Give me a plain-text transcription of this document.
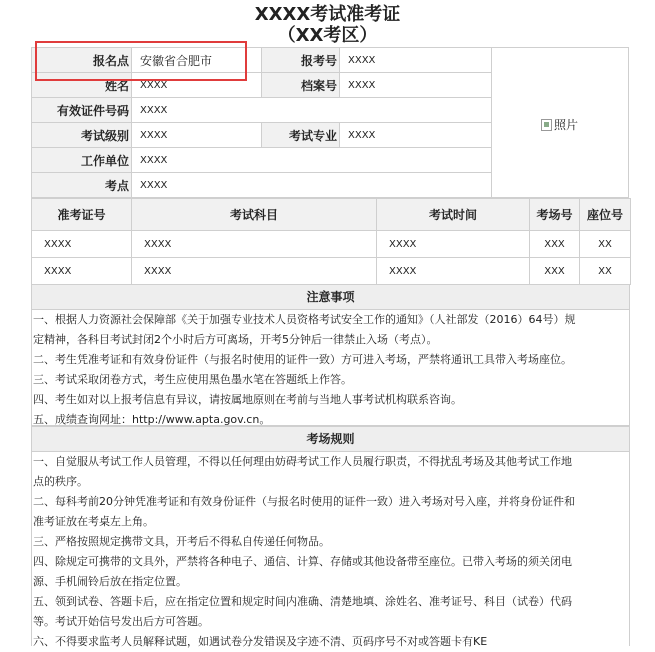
XXXX考试准考证
（XX考区）
报名点	安徽省合肥市	报考号	XXXX
姓名	XXXX	档案号	XXXX
有效证件号码	XXXX		
考试级别	XXXX	考试专业	XXXX
工作单位	XXXX		
考点	XXXX		
照片
准考证号	考试科目	考试时间	考场号	座位号
XXXX	XXXX	XXXX	XXX	XX
XXXX	XXXX	XXXX	XXX	XX
注意事项
一、根据人力资源社会保障部《关于加强专业技术人员资格考试安全工作的通知》（人社部发（2016）64号）规
定精神，各科目考试封闭2个小时后方可离场，开考5分钟后一律禁止入场（考点）。
二、考生凭准考证和有效身份证件（与报名时使用的证件一致）方可进入考场，严禁将通讯工具带入考场座位。
三、考试采取闭卷方式，考生应使用黑色墨水笔在答题纸上作答。
四、考生如对以上报考信息有异议，请按属地原则在考前与当地人事考试机构联系咨询。
五、成绩查询网址：http://www.apta.gov.cn。
考场规则
一、自觉服从考试工作人员管理，不得以任何理由妨碍考试工作人员履行职责，不得扰乱考场及其他考试工作地
点的秩序。
二、每科考前20分钟凭准考证和有效身份证件（与报名时使用的证件一致）进入考场对号入座，并将身份证件和
准考证放在考桌左上角。
三、严格按照规定携带文具，开考后不得私自传递任何物品。
四、除规定可携带的文具外，严禁将各种电子、通信、计算、存储或其他设备带至座位。已带入考场的须关闭电
源、手机闹铃后放在指定位置。
五、领到试卷、答题卡后，应在指定位置和规定时间内准确、清楚地填、涂姓名、准考证号、科目（试卷）代码
等。考试开始信号发出后方可答题。
六、不得要求监考人员解释试题，如遇试卷分发错误及字迹不清、页码序号不对或答题卡有KE
